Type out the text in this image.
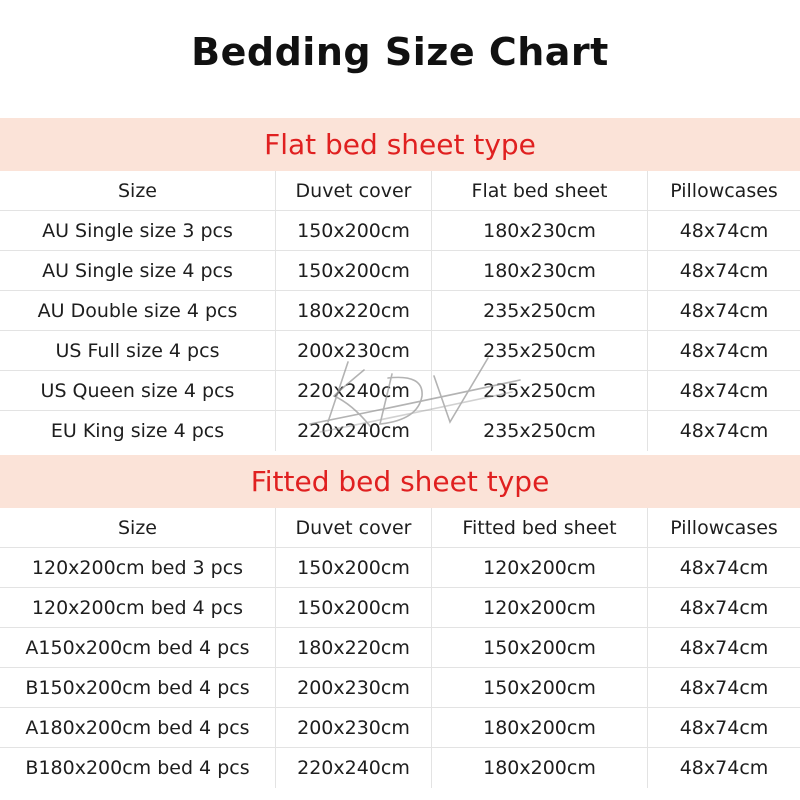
Bedding Size Chart
Flat bed sheet type
Size	Duvet cover	Flat bed sheet	Pillowcases
AU Single size 3 pcs	150x200cm	180x230cm	48x74cm
AU Single size 4 pcs	150x200cm	180x230cm	48x74cm
AU Double size 4 pcs	180x220cm	235x250cm	48x74cm
US Full size 4 pcs	200x230cm	235x250cm	48x74cm
US Queen size 4 pcs	220x240cm	235x250cm	48x74cm
EU King size 4 pcs	220x240cm	235x250cm	48x74cm
Fitted bed sheet type
Size	Duvet cover	Fitted bed sheet	Pillowcases
120x200cm bed 3 pcs	150x200cm	120x200cm	48x74cm
120x200cm bed 4 pcs	150x200cm	120x200cm	48x74cm
A150x200cm bed 4 pcs	180x220cm	150x200cm	48x74cm
B150x200cm bed 4 pcs	200x230cm	150x200cm	48x74cm
A180x200cm bed 4 pcs	200x230cm	180x200cm	48x74cm
B180x200cm bed 4 pcs	220x240cm	180x200cm	48x74cm
